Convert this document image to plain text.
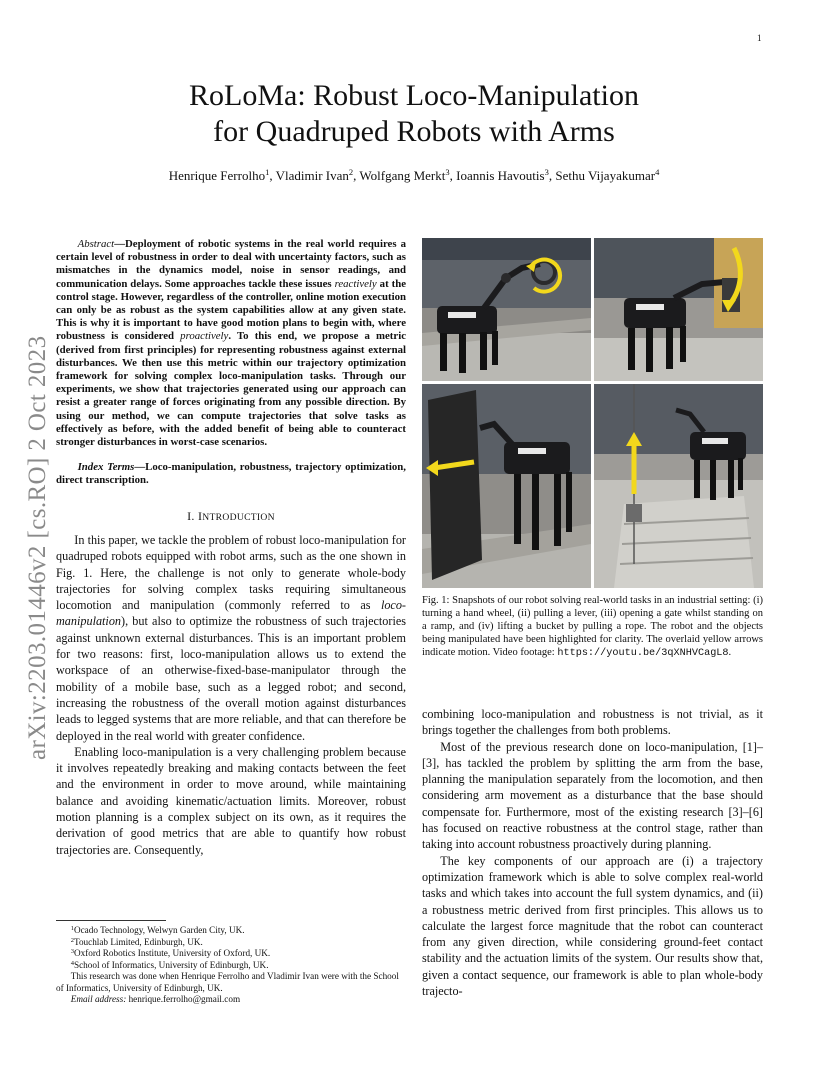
1
arXiv:2203.01446v2 [cs.RO] 2 Oct 2023
RoLoMa: Robust Loco-Manipulation
for Quadruped Robots with Arms
Henrique Ferrolho$^1$, Vladimir Ivan$^2$, Wolfgang Merkt$^3$, Ioannis Havoutis$^3$, Sethu Vijayakumar$^4$

Abstract—Deployment of robotic systems in the real world requires a certain level of robustness in order to deal with uncertainty factors, such as mismatches in the dynamics model, noise in sensor readings, and communication delays. Some approaches tackle these issues reactively at the control stage. However, regardless of the controller, online motion execution can only be as robust as the system capabilities allow at any given state. This is why it is important to have good motion plans to begin with, where robustness is considered proactively. To this end, we propose a metric (derived from first principles) for representing robustness against external disturbances. We then use this metric within our trajectory optimization framework for solving complex loco-manipulation tasks. Through our experiments, we show that trajectories generated using our approach can resist a greater range of forces originating from any possible direction. By using our method, we can compute trajectories that solve tasks as effectively as before, with the added benefit of being able to counteract stronger disturbances in worst-case scenarios.

Index Terms—Loco-manipulation, robustness, trajectory optimization, direct transcription.

I. INTRODUCTION

In this paper, we tackle the problem of robust loco-manipulation for quadruped robots equipped with robot arms, such as the one shown in Fig. 1. Here, the challenge is not only to generate whole-body trajectories for solving complex tasks requiring simultaneous locomotion and manipulation (commonly referred to as loco-manipulation), but also to optimize the robustness of such trajectories against unknown external disturbances. This is an important problem for two reasons: first, loco-manipulation allows us to extend the workspace of an otherwise-fixed-base-manipulator through the mobility of a mobile base, such as a legged robot; and second, increasing the robustness of the overall motion against disturbances leads to legged systems that are more reliable, and that can therefore be deployed in the real world with greater confidence.

Enabling loco-manipulation is a very challenging problem because it involves repeatedly breaking and making contacts between the feet and the environment in order to move around, while maintaining balance and avoiding kinematic/actuation limits. Moreover, robust motion planning is a complex subject on its own, as it requires the derivation of good metrics that are able to quantify how robust trajectories are. Consequently,

$^1$Ocado Technology, Welwyn Garden City, UK.

$^2$Touchlab Limited, Edinburgh, UK.

$^3$Oxford Robotics Institute, University of Oxford, UK.

$^4$School of Informatics, University of Edinburgh, UK.

This research was done when Henrique Ferrolho and Vladimir Ivan were with the School of Informatics, University of Edinburgh, UK.

Email address: henrique.ferrolho@gmail.com

Fig. 1: Snapshots of our robot solving real-world tasks in an industrial setting: (i) turning a hand wheel, (ii) pulling a lever, (iii) opening a gate whilst standing on a ramp, and (iv) lifting a bucket by pulling a rope. The robot and the objects being manipulated have been highlighted for clarity. The overlaid yellow arrows indicate motion. Video footage: https://youtu.be/3qXNHVCagL8.

combining loco-manipulation and robustness is not trivial, as it brings together the challenges from both problems.

Most of the previous research done on loco-manipulation, [1]–[3], has tackled the problem by splitting the arm from the base, planning the manipulation separately from the locomotion, and then considering arm movement as a disturbance that the base should compensate for. Furthermore, most of the existing research [3]–[6] has focused on reactive robustness at the control stage, rather than taking into account robustness proactively during planning.

The key components of our approach are (i) a trajectory optimization framework which is able to solve complex real-world tasks and which takes into account the full system dynamics, and (ii) a robustness metric derived from first principles. This allows us to calculate the largest force magnitude that the robot can counteract from any given direction, while considering ground-feet contact stability and the actuation limits of the system. Our results show that, given a contact sequence, our framework is able to plan whole-body trajecto-
